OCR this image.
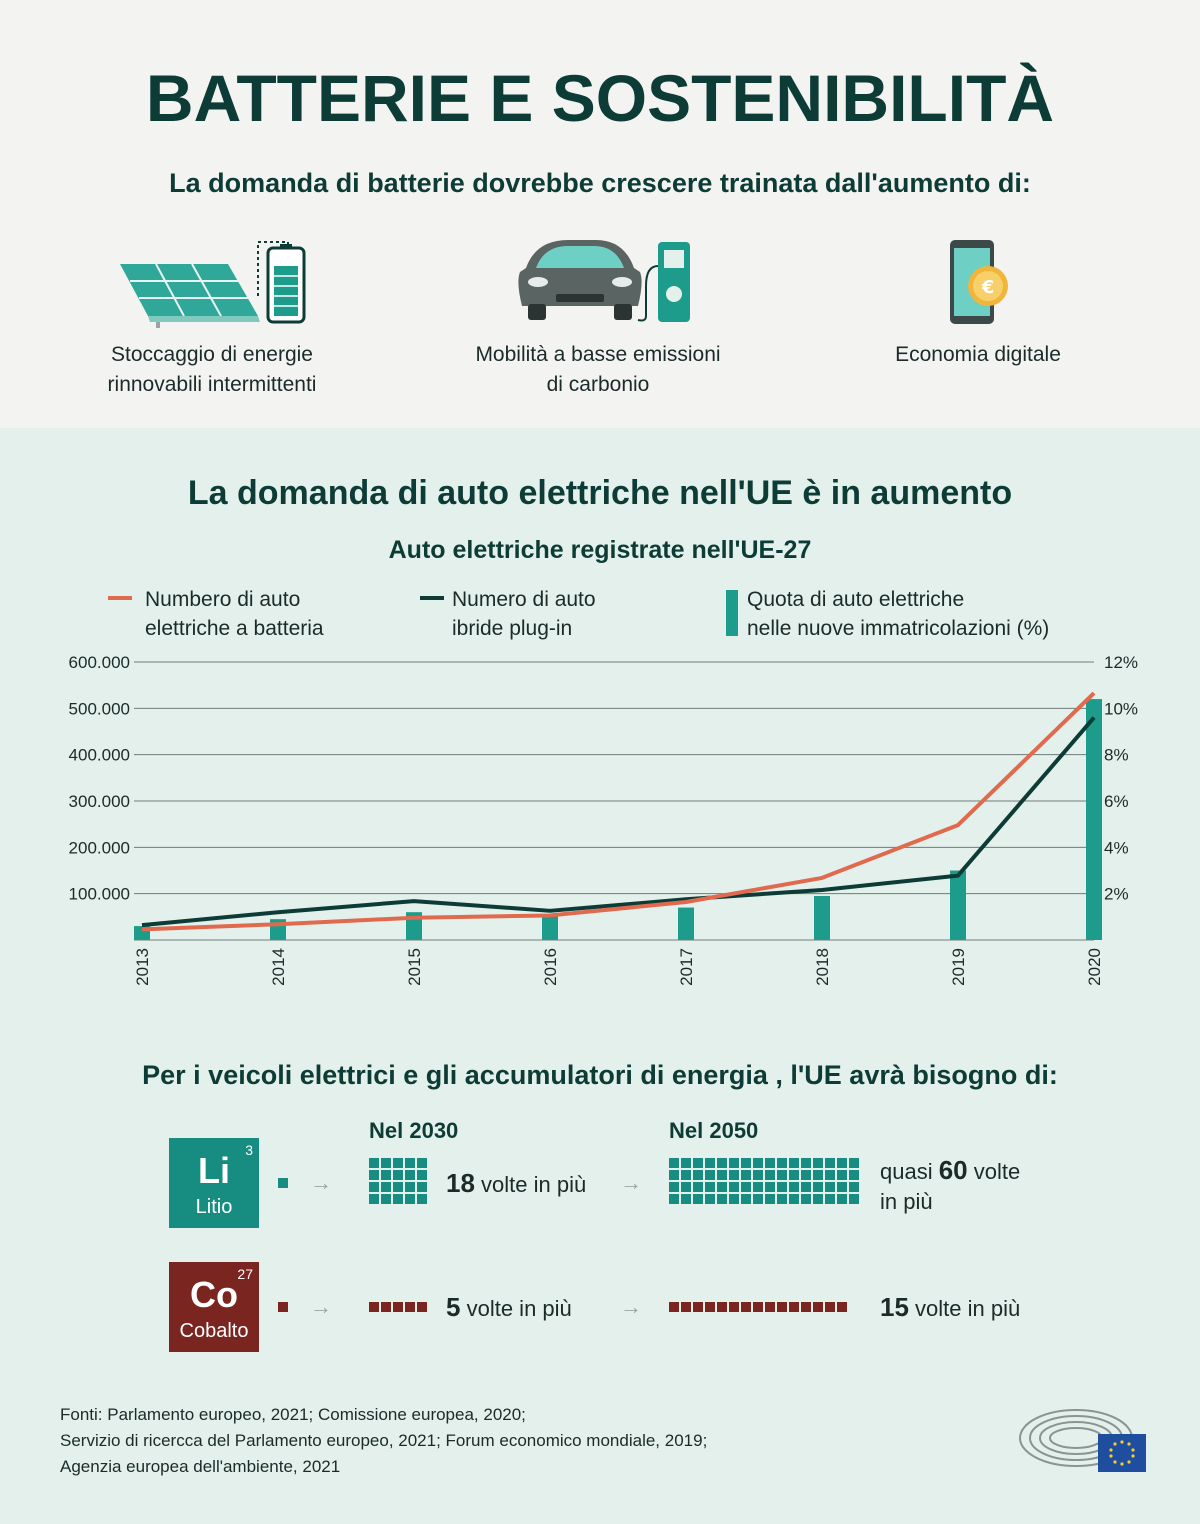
BATTERIE E SOSTENIBILITÀ
La domanda di batterie dovrebbe crescere trainata dall'aumento di:
€
Stoccaggio di energie
rinnovabili intermittenti
Mobilità a basse emissioni
di carbonio
Economia digitale
La domanda di auto elettriche nell'UE è in aumento
Auto elettriche registrate nell'UE-27
Numbero di auto
elettriche a batteria
Numero di auto
ibride plug-in
Quota di auto elettriche
nelle nuove immatricolazioni (%)
600.000
500.000
400.000
300.000
200.000
100.000
12%
10%
8%
6%
4%
2%
2013	2014	2015	2016	2017	2018	2019	2020
Per i veicoli elettrici e gli accumulatori di energia , l'UE avrà bisogno di:
Nel 2030	Nel 2050
Li	3
Litio
→	18 volte in più →	quasi 60 volte
in più
Co 27
Cobalto
→	5 volte in più →	15 volte in più
Fonti: Parlamento europeo, 2021; Comissione europea, 2020;
Servizio di ricercca del Parlamento europeo, 2021; Forum economico mondiale, 2019;
Agenzia europea dell'ambiente, 2021
